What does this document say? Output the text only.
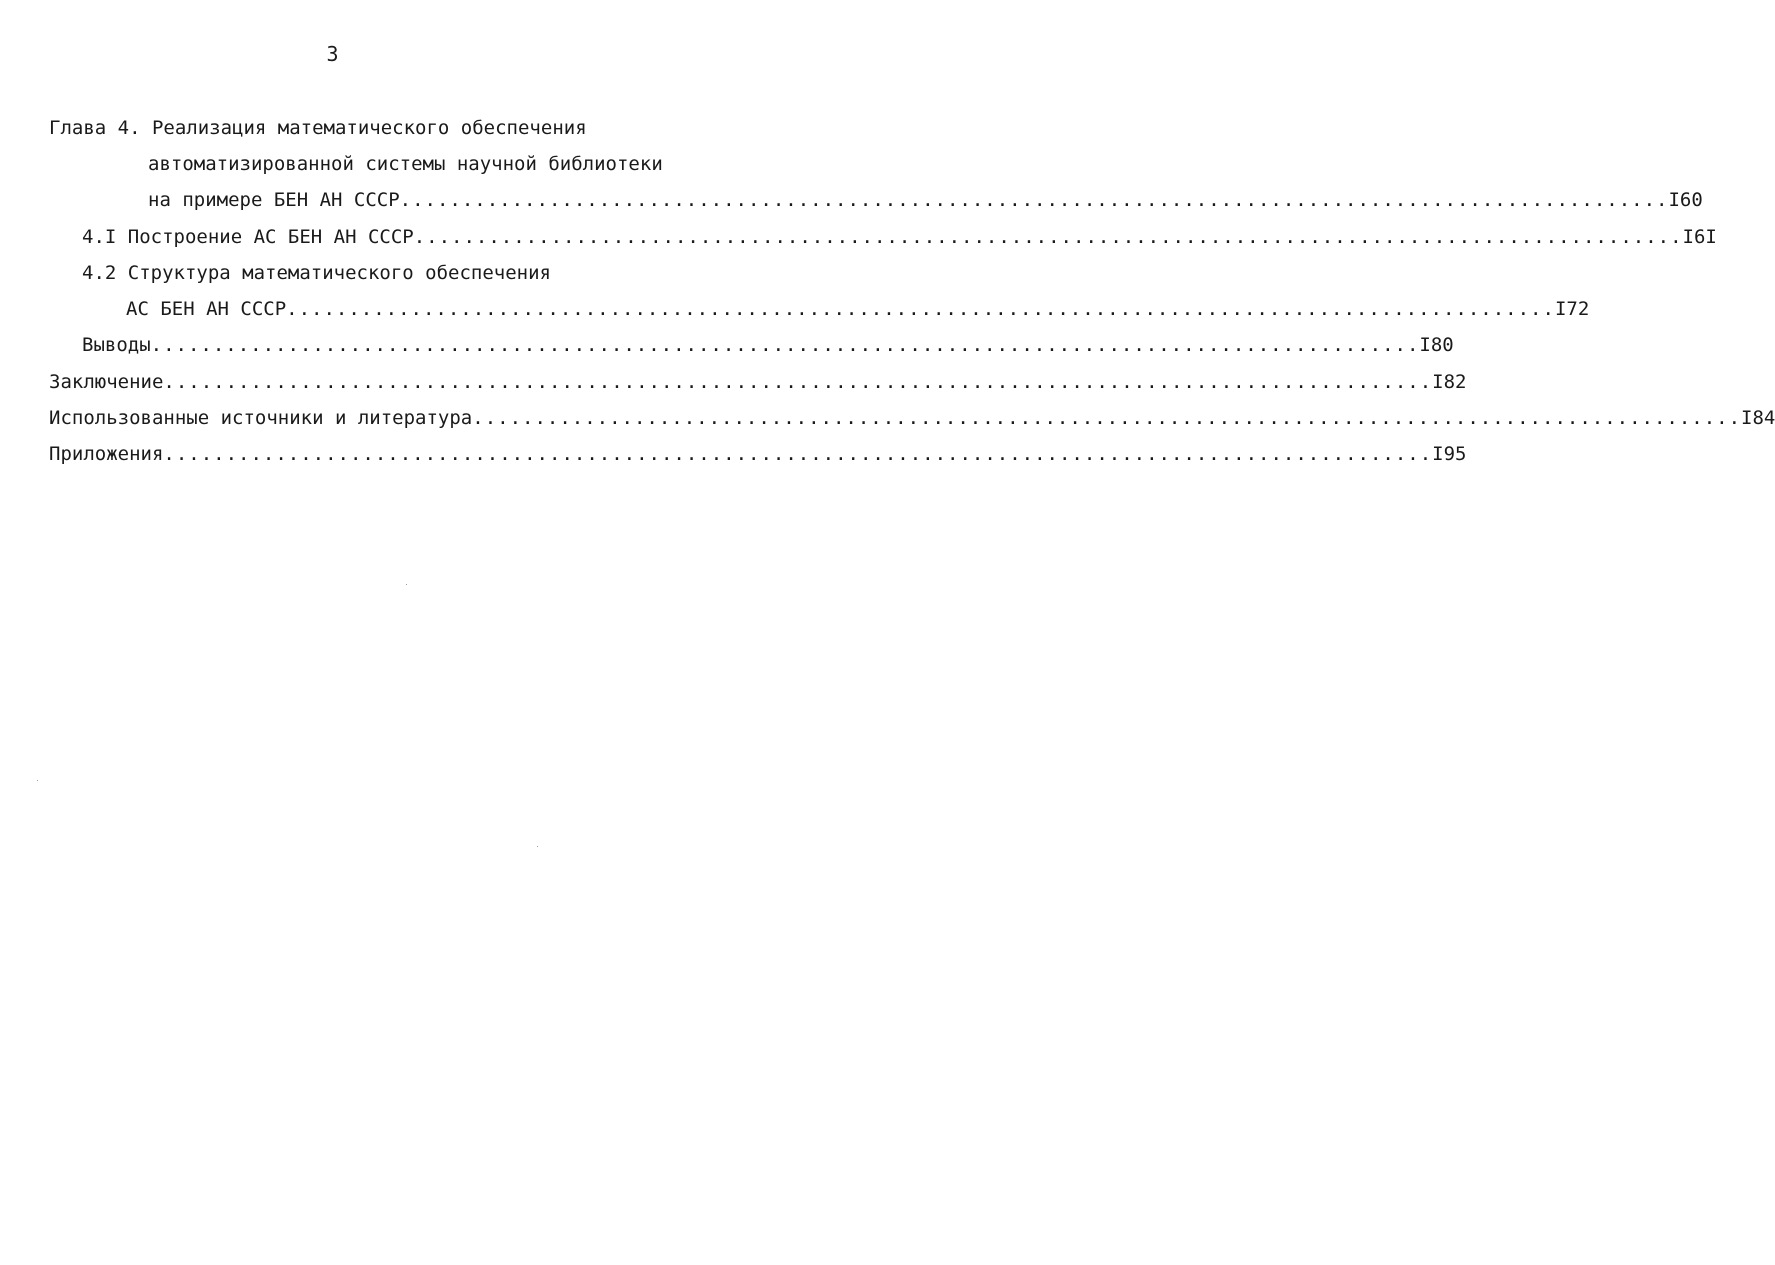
3
Глава 4. Реализация математического обеспечения
автоматизированной системы научной библиотеки
на примере БЕН АН СССР ...................................................................................................... I60
4.I Построение АС БЕН АН СССР ...................................................................................................... I6I
4.2 Структура математического обеспечения
АС БЕН АН СССР ...................................................................................................... I72
Выводы ...................................................................................................... I80
Заключение ...................................................................................................... I82
Использованные источники и литература ...................................................................................................... I84
Приложения ...................................................................................................... I95
